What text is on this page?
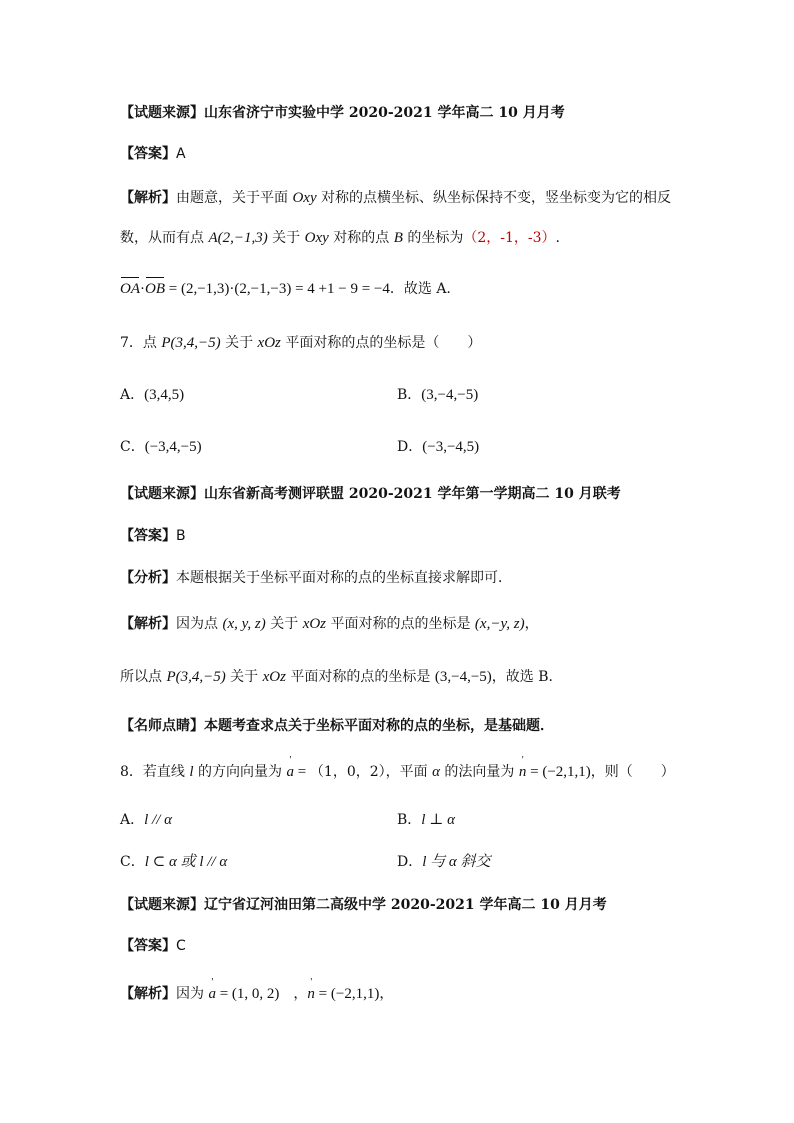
【试题来源】山东省济宁市实验中学 2020-2021 学年高二 10 月月考
【答案】A
【解析】由题意，关于平面 Oxy 对称的点横坐标、纵坐标保持不变，竖坐标变为它的相反
数，从而有点 A(2,−1,3) 关于 Oxy 对称的点 B 的坐标为（2，-1，-3）.
OA·OB = (2,−1,3)·(2,−1,−3) = 4 +1 − 9 = −4．故选 A.
7．点 P(3,4,−5) 关于 xOz 平面对称的点的坐标是（　　）
A．(3,4,5)	B．(3,−4,−5)
C．(−3,4,−5)	D．(−3,−4,5)
【试题来源】山东省新高考测评联盟 2020-2021 学年第一学期高二 10 月联考
【答案】B
【分析】本题根据关于坐标平面对称的点的坐标直接求解即可．
【解析】因为点 (x, y, z) 关于 xOz 平面对称的点的坐标是 (x,−y, z)，
所以点 P(3,4,−5) 关于 xOz 平面对称的点的坐标是 (3,−4,−5)，故选 B．
【名师点睛】本题考查求点关于坐标平面对称的点的坐标，是基础题．
8．若直线 l 的方向向量为 ' a = （1，0，2），平面 α 的法向量为 ' n = (−2,1,1)，则（　　）
A．l // α	B．l ⊥ α
C．l ⊂ α 或 l // α	D．l 与 α 斜交
【试题来源】辽宁省辽河油田第二高级中学 2020-2021 学年高二 10 月月考
【答案】C
【解析】因为 ' a = (1, 0, 2)　，' n = (−2,1,1)，
